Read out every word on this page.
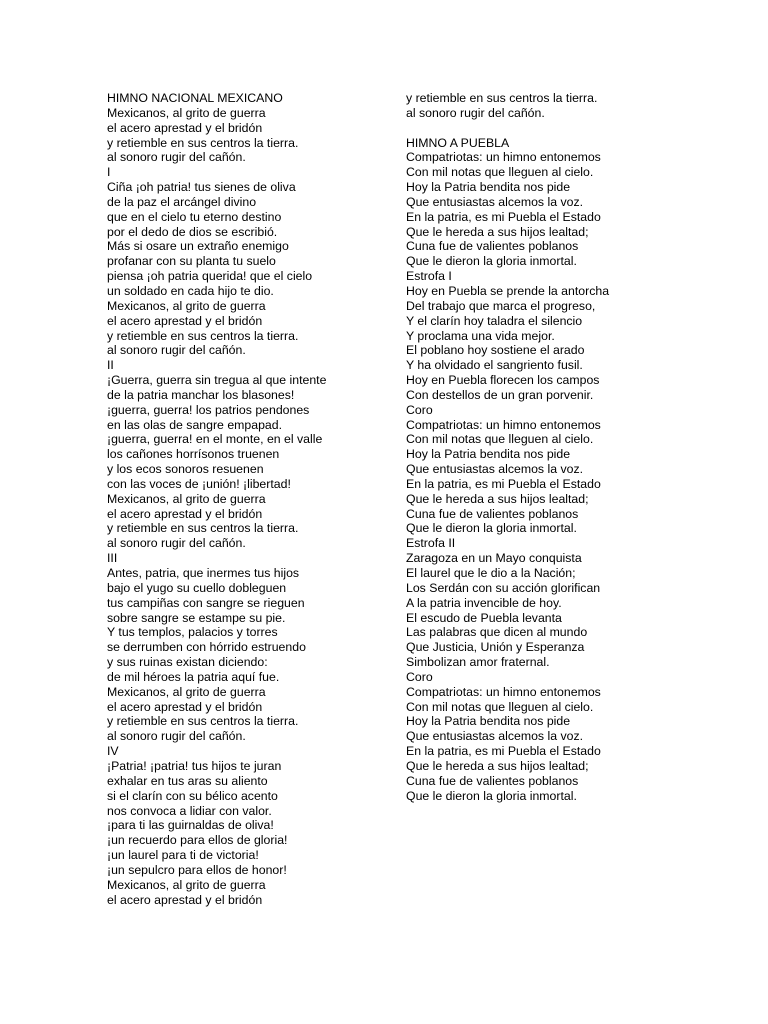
HIMNO NACIONAL MEXICANO
Mexicanos, al grito de guerra
el acero aprestad y el bridón
y retiemble en sus centros la tierra.
al sonoro rugir del cañón.
I
Ciña ¡oh patria! tus sienes de oliva
de la paz el arcángel divino
que en el cielo tu eterno destino
por el dedo de dios se escribió.
Más si osare un extraño enemigo
profanar con su planta tu suelo
piensa ¡oh patria querida! que el cielo
un soldado en cada hijo te dio.
Mexicanos, al grito de guerra
el acero aprestad y el bridón
y retiemble en sus centros la tierra.
al sonoro rugir del cañón.
II
¡Guerra, guerra sin tregua al que intente
de la patria manchar los blasones!
¡guerra, guerra! los patrios pendones
en las olas de sangre empapad.
¡guerra, guerra! en el monte, en el valle
los cañones horrísonos truenen
y los ecos sonoros resuenen
con las voces de ¡unión! ¡libertad!
Mexicanos, al grito de guerra
el acero aprestad y el bridón
y retiemble en sus centros la tierra.
al sonoro rugir del cañón.
III
Antes, patria, que inermes tus hijos
bajo el yugo su cuello dobleguen
tus campiñas con sangre se rieguen
sobre sangre se estampe su pie.
Y tus templos, palacios y torres
se derrumben con hórrido estruendo
y sus ruinas existan diciendo:
de mil héroes la patria aquí fue.
Mexicanos, al grito de guerra
el acero aprestad y el bridón
y retiemble en sus centros la tierra.
al sonoro rugir del cañón.
IV
¡Patria! ¡patria! tus hijos te juran
exhalar en tus aras su aliento
si el clarín con su bélico acento
nos convoca a lidiar con valor.
¡para ti las guirnaldas de oliva!
¡un recuerdo para ellos de gloria!
¡un laurel para ti de victoria!
¡un sepulcro para ellos de honor!
Mexicanos, al grito de guerra
el acero aprestad y el bridón
y retiemble en sus centros la tierra.
al sonoro rugir del cañón.
HIMNO A PUEBLA
Compatriotas: un himno entonemos
Con mil notas que lleguen al cielo.
Hoy la Patria bendita nos pide
Que entusiastas alcemos la voz.
En la patria, es mi Puebla el Estado
Que le hereda a sus hijos lealtad;
Cuna fue de valientes poblanos
Que le dieron la gloria inmortal.
Estrofa I
Hoy en Puebla se prende la antorcha
Del trabajo que marca el progreso,
Y el clarín hoy taladra el silencio
Y proclama una vida mejor.
El poblano hoy sostiene el arado
Y ha olvidado el sangriento fusil.
Hoy en Puebla florecen los campos
Con destellos de un gran porvenir.
Coro
Compatriotas: un himno entonemos
Con mil notas que lleguen al cielo.
Hoy la Patria bendita nos pide
Que entusiastas alcemos la voz.
En la patria, es mi Puebla el Estado
Que le hereda a sus hijos lealtad;
Cuna fue de valientes poblanos
Que le dieron la gloria inmortal.
Estrofa II
Zaragoza en un Mayo conquista
El laurel que le dio a la Nación;
Los Serdán con su acción glorifican
A la patria invencible de hoy.
El escudo de Puebla levanta
Las palabras que dicen al mundo
Que Justicia, Unión y Esperanza
Simbolizan amor fraternal.
Coro
Compatriotas: un himno entonemos
Con mil notas que lleguen al cielo.
Hoy la Patria bendita nos pide
Que entusiastas alcemos la voz.
En la patria, es mi Puebla el Estado
Que le hereda a sus hijos lealtad;
Cuna fue de valientes poblanos
Que le dieron la gloria inmortal.
